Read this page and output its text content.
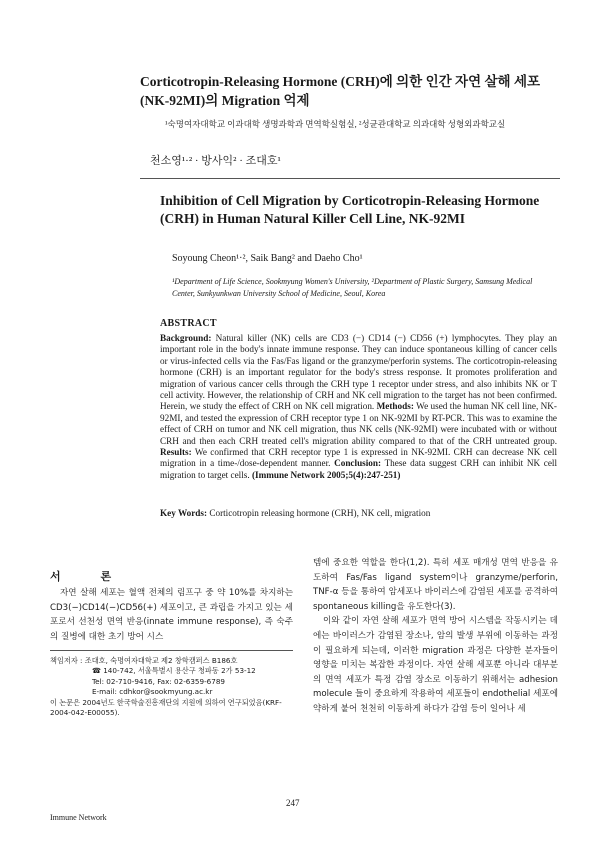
Corticotropin-Releasing Hormone (CRH)에 의한 인간 자연 살해 세포(NK-92MI)의 Migration 억제
¹숙명여자대학교 이과대학 생명과학과 면역학실험실, ²성균관대학교 의과대학 성형외과학교실
천소영¹·² · 방사익² · 조대호¹
Inhibition of Cell Migration by Corticotropin-Releasing Hormone (CRH) in Human Natural Killer Cell Line, NK-92MI
Soyoung Cheon¹·², Saik Bang² and Daeho Cho¹
¹Department of Life Science, Sookmyung Women's University, ²Department of Plastic Surgery, Samsung Medical Center, Sunkyunkwan University School of Medicine, Seoul, Korea
ABSTRACT
Background: Natural killer (NK) cells are CD3 (−) CD14 (−) CD56 (+) lymphocytes. They play an important role in the body's innate immune response. They can induce spontaneous killing of cancer cells or virus-infected cells via the Fas/Fas ligand or the granzyme/perforin systems. The corticotropin-releasing hormone (CRH) is an important regulator for the body's stress response. It promotes proliferation and migration of various cancer cells through the CRH type 1 receptor under stress, and also inhibits NK or T cell activity. However, the relationship of CRH and NK cell migration to the target has not been confirmed. Herein, we study the effect of CRH on NK cell migration. Methods: We used the human NK cell line, NK-92MI, and tested the expression of CRH receptor type 1 on NK-92MI by RT-PCR. This was to examine the effect of CRH on tumor and NK cell migration, thus NK cells (NK-92MI) were incubated with or without CRH and then each CRH treated cell's migration ability compared to that of the CRH untreated group. Results: We confirmed that CRH receptor type 1 is expressed in NK-92MI. CRH can decrease NK cell migration in a time-/dose-dependent manner. Conclusion: These data suggest CRH can inhibit NK cell migration to target cells. (Immune Network 2005;5(4):247-251)
Key Words: Corticotropin releasing hormone (CRH), NK cell, migration
서 론

자연 살해 세포는 혈액 전체의 림프구 중 약 10%를 차지하는 CD3(−)CD14(−)CD56(+) 세포이고, 큰 과립을 가지고 있는 세포로서 선천성 면역 반응(innate immune response), 즉 숙주의 질병에 대한 초기 방어 시스

템에 중요한 역할을 한다(1,2). 특히 세포 매개성 면역 반응을 유도하여 Fas/Fas ligand system이나 granzyme/perforin, TNF-α 등을 통하여 암세포나 바이러스에 감염된 세포를 공격하여 spontaneous killing을 유도한다(3).

이와 같이 자연 살해 세포가 면역 방어 시스템을 작동시키는 데에는 바이러스가 감염된 장소나, 암의 발생 부위에 이동하는 과정이 필요하게 되는데, 이러한 migration 과정은 다양한 분자들이 영향을 미치는 복잡한 과정이다. 자연 살해 세포뿐 아니라 대부분의 면역 세포가 특정 감염 장소로 이동하기 위해서는 adhesion molecule 들이 중요하게 작용하여 세포들이 endothelial 세포에 약하게 붙어 천천히 이동하게 하다가 감염 등이 일어나 세

책임저자 : 조대호, 숙명여자대학교 제2 창학캠퍼스 B186호
☎ 140-742, 서울특별시 용산구 청파동 2가 53-12
Tel: 02-710-9416, Fax: 02-6359-6789
E-mail: cdhkor@sookmyung.ac.kr
이 논문은 2004년도 한국학술진흥재단의 지원에 의하여 연구되었음(KRF-2004-042-E00055).
247
Immune Network
